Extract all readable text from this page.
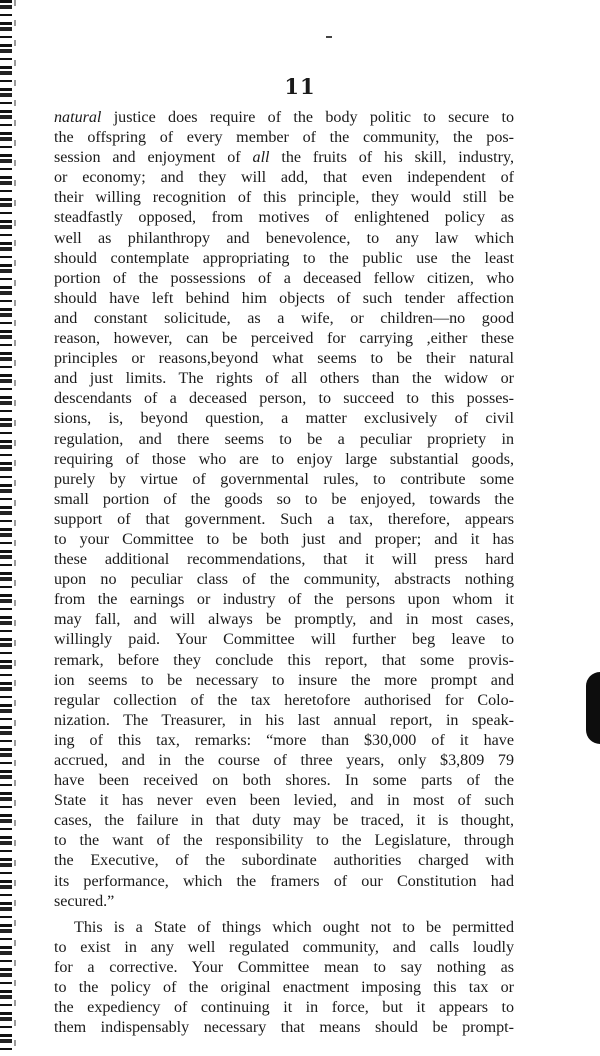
11
natural justice does require of the body politic to secure to
the offspring of every member of the community, the pos-
session and enjoyment of all the fruits of his skill, industry,
or economy; and they will add, that even independent of
their willing recognition of this principle, they would still be
steadfastly opposed, from motives of enlightened policy as
well as philanthropy and benevolence, to any law which
should contemplate appropriating to the public use the least
portion of the possessions of a deceased fellow citizen, who
should have left behind him objects of such tender affection
and constant solicitude, as a wife, or children—no good
reason, however, can be perceived for carrying ,either these
principles or reasons,beyond what seems to be their natural
and just limits. The rights of all others than the widow or
descendants of a deceased person, to succeed to this posses-
sions, is, beyond question, a matter exclusively of civil
regulation, and there seems to be a peculiar propriety in
requiring of those who are to enjoy large substantial goods,
purely by virtue of governmental rules, to contribute some
small portion of the goods so to be enjoyed, towards the
support of that government. Such a tax, therefore, appears
to your Committee to be both just and proper; and it has
these additional recommendations, that it will press hard
upon no peculiar class of the community, abstracts nothing
from the earnings or industry of the persons upon whom it
may fall, and will always be promptly, and in most cases,
willingly paid. Your Committee will further beg leave to
remark, before they conclude this report, that some provis-
ion seems to be necessary to insure the more prompt and
regular collection of the tax heretofore authorised for Colo-
nization. The Treasurer, in his last annual report, in speak-
ing of this tax, remarks: “more than $30,000 of it have
accrued, and in the course of three years, only $3,809 79
have been received on both shores. In some parts of the
State it has never even been levied, and in most of such
cases, the failure in that duty may be traced, it is thought,
to the want of the responsibility to the Legislature, through
the Executive, of the subordinate authorities charged with
its performance, which the framers of our Constitution had
secured.”
This is a State of things which ought not to be permitted
to exist in any well regulated community, and calls loudly
for a corrective. Your Committee mean to say nothing as
to the policy of the original enactment imposing this tax or
the expediency of continuing it in force, but it appears to
them indispensably necessary that means should be prompt-
